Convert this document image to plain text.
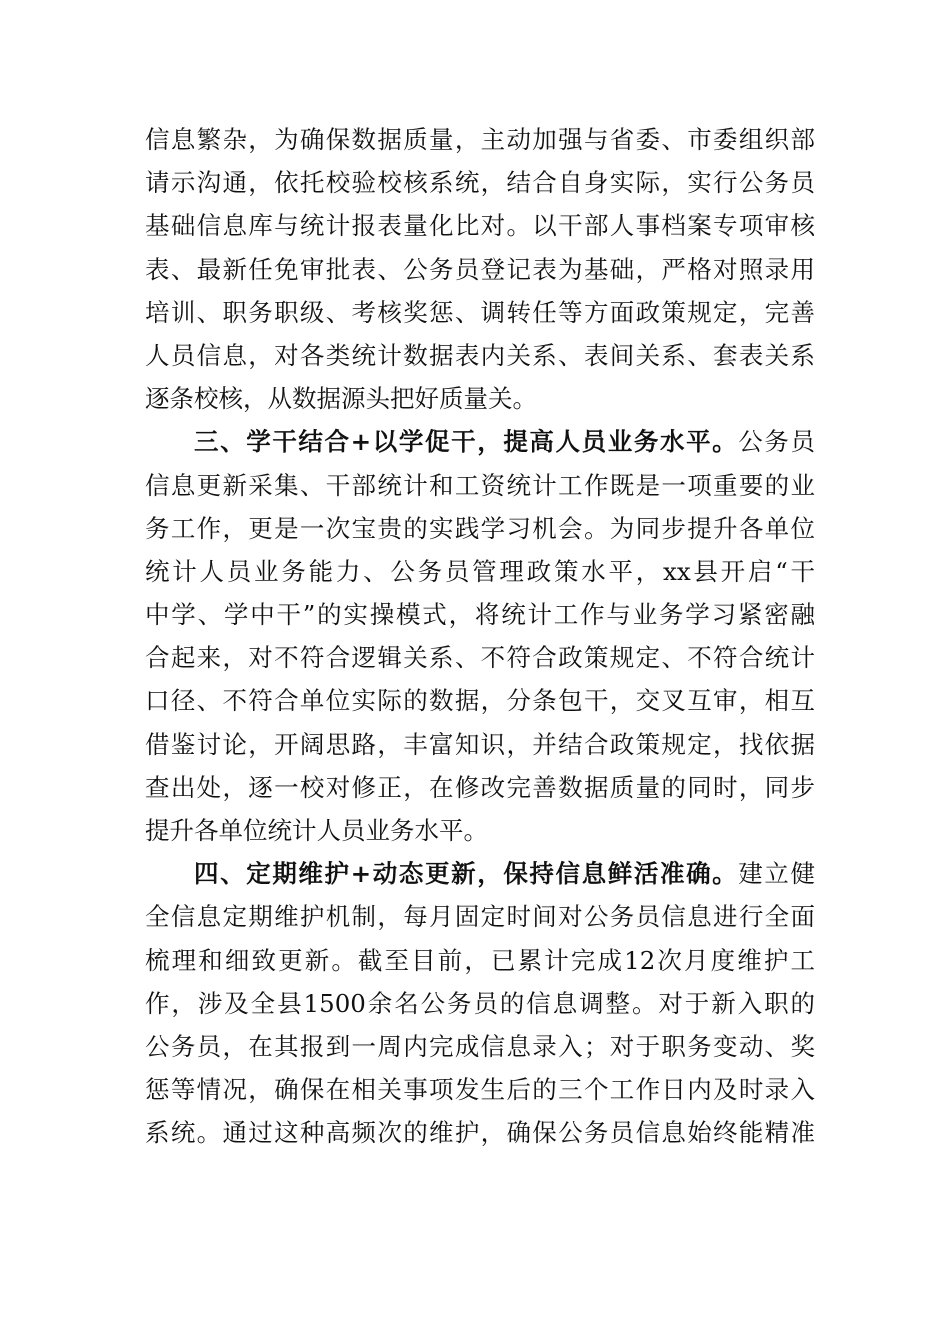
信息繁杂，为确保数据质量，主动加强与省委、市委组织部
请示沟通，依托校验校核系统，结合自身实际，实行公务员
基础信息库与统计报表量化比对。以干部人事档案专项审核
表、最新任免审批表、公务员登记表为基础，严格对照录用
培训、职务职级、考核奖惩、调转任等方面政策规定，完善
人员信息，对各类统计数据表内关系、表间关系、套表关系
逐条校核，从数据源头把好质量关。
三、学干结合+以学促干，提高人员业务水平。公务员
信息更新采集、干部统计和工资统计工作既是一项重要的业
务工作，更是一次宝贵的实践学习机会。为同步提升各单位
统计人员业务能力、公务员管理政策水平，xx县开启“干
中学、学中干”的实操模式，将统计工作与业务学习紧密融
合起来，对不符合逻辑关系、不符合政策规定、不符合统计
口径、不符合单位实际的数据，分条包干，交叉互审，相互
借鉴讨论，开阔思路，丰富知识，并结合政策规定，找依据
查出处，逐一校对修正，在修改完善数据质量的同时，同步
提升各单位统计人员业务水平。
四、定期维护+动态更新，保持信息鲜活准确。建立健
全信息定期维护机制，每月固定时间对公务员信息进行全面
梳理和细致更新。截至目前，已累计完成12次月度维护工
作，涉及全县1500余名公务员的信息调整。对于新入职的
公务员，在其报到一周内完成信息录入；对于职务变动、奖
惩等情况，确保在相关事项发生后的三个工作日内及时录入
系统。通过这种高频次的维护，确保公务员信息始终能精准
